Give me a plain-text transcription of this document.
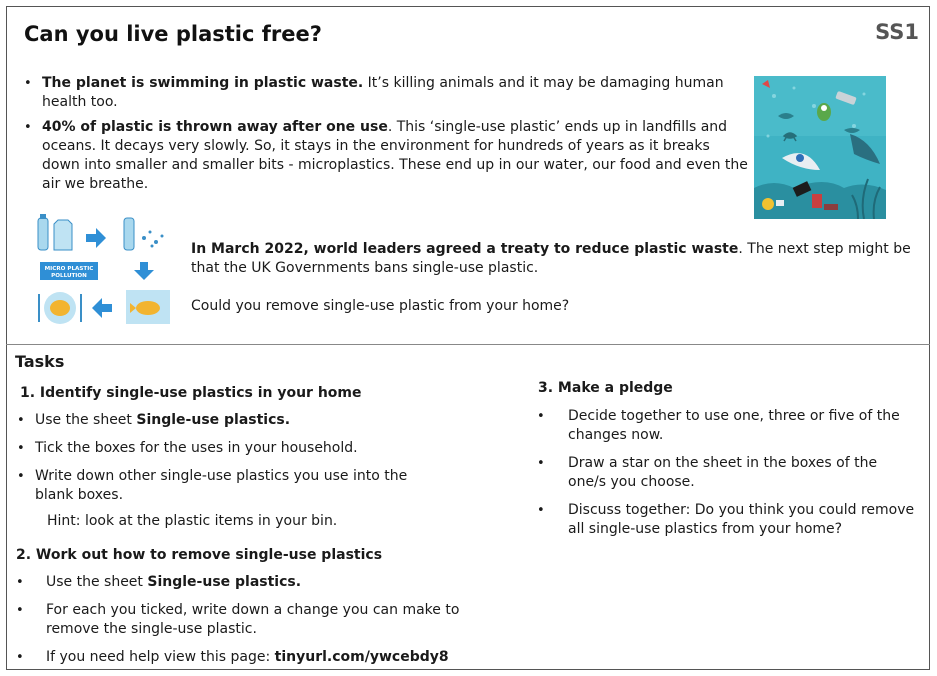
Can you live plastic free?	SS1
• The planet is swimming in plastic waste. It’s killing animals and it may be damaging human health too.
• 40% of plastic is thrown away after one use. This ‘single-use plastic’ ends up in landfills and oceans. It decays very slowly. So, it stays in the environment for hundreds of years as it breaks down into smaller and smaller bits - microplastics. These end up in our water, our food and even the air we breathe.
MICRO PLASTIC
POLLUTION
In March 2022, world leaders agreed a treaty to reduce plastic waste. The next step might be that the UK Governments bans single-use plastic.
Could you remove single-use plastic from your home?
Tasks
1. Identify single-use plastics in your home
• Use the sheet Single-use plastics.
• Tick the boxes for the uses in your household.
• Write down other single-use plastics you use into the blank boxes.
Hint: look at the plastic items in your bin.
2. Work out how to remove single-use plastics
• Use the sheet Single-use plastics.
• For each you ticked, write down a change you can make to remove the single-use plastic.
• If you need help view this page: tinyurl.com/ywcebdy8
3. Make a pledge
• Decide together to use one, three or five of the changes now.
• Draw a star on the sheet in the boxes of the one/s you choose.
• Discuss together: Do you think you could remove all single-use plastics from your home?
